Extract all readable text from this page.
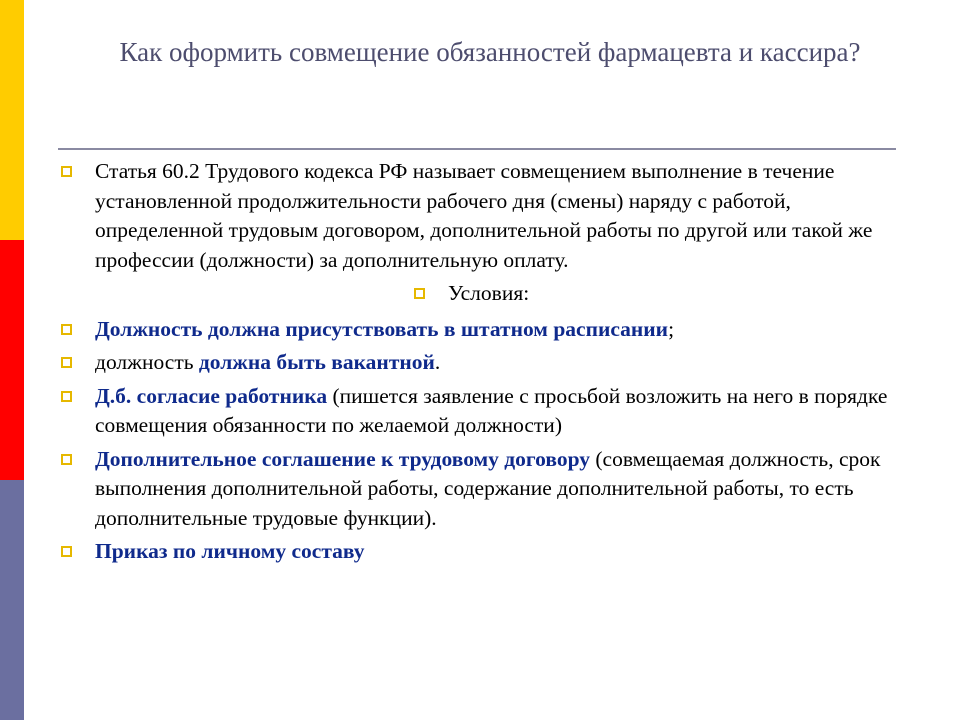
Как оформить совмещение обязанностей фармацевта и кассира?
Статья 60.2 Трудового кодекса РФ называет совмещением выполнение в течение установленной продолжительности рабочего дня (смены) наряду с работой, определенной трудовым договором, дополнительной работы по другой или такой же профессии (должности) за дополнительную оплату.
Условия:
Должность должна присутствовать в штатном расписании;
должность должна быть вакантной.
Д.б. согласие работника (пишется заявление с просьбой возложить на него в порядке совмещения обязанности по желаемой должности)
Дополнительное соглашение к трудовому договору (совмещаемая должность, срок выполнения дополнительной работы, содержание дополнительной работы, то есть дополнительные трудовые функции).
Приказ по личному составу
